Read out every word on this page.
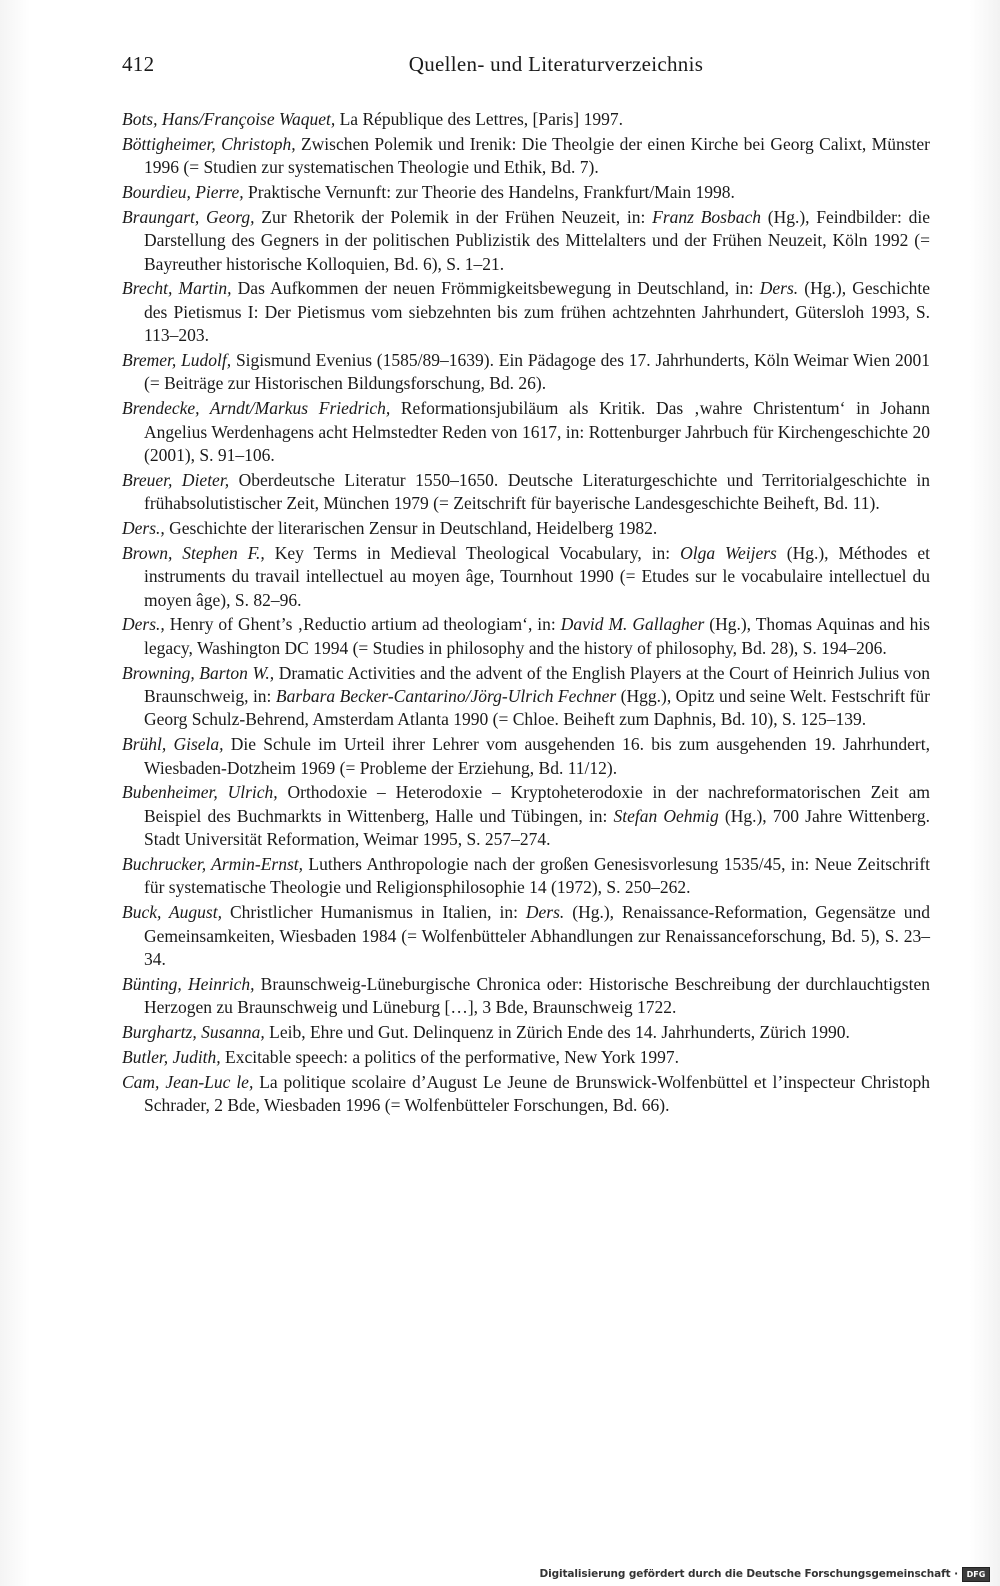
412	Quellen- und Literaturverzeichnis

Bots, Hans/Françoise Waquet, La République des Lettres, [Paris] 1997.

Böttigheimer, Christoph, Zwischen Polemik und Irenik: Die Theolgie der einen Kirche bei Georg Calixt, Münster 1996 (= Studien zur systematischen Theologie und Ethik, Bd. 7).

Bourdieu, Pierre, Praktische Vernunft: zur Theorie des Handelns, Frankfurt/Main 1998.

Braungart, Georg, Zur Rhetorik der Polemik in der Frühen Neuzeit, in: Franz Bosbach (Hg.), Feindbilder: die Darstellung des Gegners in der politischen Publizistik des Mittelalters und der Frühen Neuzeit, Köln 1992 (= Bayreuther historische Kolloquien, Bd. 6), S. 1–21.

Brecht, Martin, Das Aufkommen der neuen Frömmigkeitsbewegung in Deutschland, in: Ders. (Hg.), Geschichte des Pietismus I: Der Pietismus vom siebzehnten bis zum frühen achtzehnten Jahrhundert, Gütersloh 1993, S. 113–203.

Bremer, Ludolf, Sigismund Evenius (1585/89–1639). Ein Pädagoge des 17. Jahrhunderts, Köln Weimar Wien 2001 (= Beiträge zur Historischen Bildungsforschung, Bd. 26).

Brendecke, Arndt/Markus Friedrich, Reformationsjubiläum als Kritik. Das ‚wahre Christentum‘ in Johann Angelius Werdenhagens acht Helmstedter Reden von 1617, in: Rottenburger Jahrbuch für Kirchengeschichte 20 (2001), S. 91–106.

Breuer, Dieter, Oberdeutsche Literatur 1550–1650. Deutsche Literaturgeschichte und Territorialgeschichte in frühabsolutistischer Zeit, München 1979 (= Zeitschrift für bayerische Landesgeschichte Beiheft, Bd. 11).

Ders., Geschichte der literarischen Zensur in Deutschland, Heidelberg 1982.

Brown, Stephen F., Key Terms in Medieval Theological Vocabulary, in: Olga Weijers (Hg.), Méthodes et instruments du travail intellectuel au moyen âge, Tournhout 1990 (= Etudes sur le vocabulaire intellectuel du moyen âge), S. 82–96.

Ders., Henry of Ghent’s ‚Reductio artium ad theologiam‘, in: David M. Gallagher (Hg.), Thomas Aquinas and his legacy, Washington DC 1994 (= Studies in philosophy and the history of philosophy, Bd. 28), S. 194–206.

Browning, Barton W., Dramatic Activities and the advent of the English Players at the Court of Heinrich Julius von Braunschweig, in: Barbara Becker-Cantarino/Jörg-Ulrich Fechner (Hgg.), Opitz und seine Welt. Festschrift für Georg Schulz-Behrend, Amsterdam Atlanta 1990 (= Chloe. Beiheft zum Daphnis, Bd. 10), S. 125–139.

Brühl, Gisela, Die Schule im Urteil ihrer Lehrer vom ausgehenden 16. bis zum ausgehenden 19. Jahrhundert, Wiesbaden-Dotzheim 1969 (= Probleme der Erziehung, Bd. 11/12).

Bubenheimer, Ulrich, Orthodoxie – Heterodoxie – Kryptoheterodoxie in der nachreformatorischen Zeit am Beispiel des Buchmarkts in Wittenberg, Halle und Tübingen, in: Stefan Oehmig (Hg.), 700 Jahre Wittenberg. Stadt Universität Reformation, Weimar 1995, S. 257–274.

Buchrucker, Armin-Ernst, Luthers Anthropologie nach der großen Genesisvorlesung 1535/45, in: Neue Zeitschrift für systematische Theologie und Religionsphilosophie 14 (1972), S. 250–262.

Buck, August, Christlicher Humanismus in Italien, in: Ders. (Hg.), Renaissance-Reformation, Gegensätze und Gemeinsamkeiten, Wiesbaden 1984 (= Wolfenbütteler Abhandlungen zur Renaissanceforschung, Bd. 5), S. 23–34.

Bünting, Heinrich, Braunschweig-Lüneburgische Chronica oder: Historische Beschreibung der durchlauchtigsten Herzogen zu Braunschweig und Lüneburg […], 3 Bde, Braunschweig 1722.

Burghartz, Susanna, Leib, Ehre und Gut. Delinquenz in Zürich Ende des 14. Jahrhunderts, Zürich 1990.

Butler, Judith, Excitable speech: a politics of the performative, New York 1997.

Cam, Jean-Luc le, La politique scolaire d’August Le Jeune de Brunswick-Wolfenbüttel et l’inspecteur Christoph Schrader, 2 Bde, Wiesbaden 1996 (= Wolfenbütteler Forschungen, Bd. 66).

Digitalisierung gefördert durch die Deutsche Forschungsgemeinschaft ·	DFG
